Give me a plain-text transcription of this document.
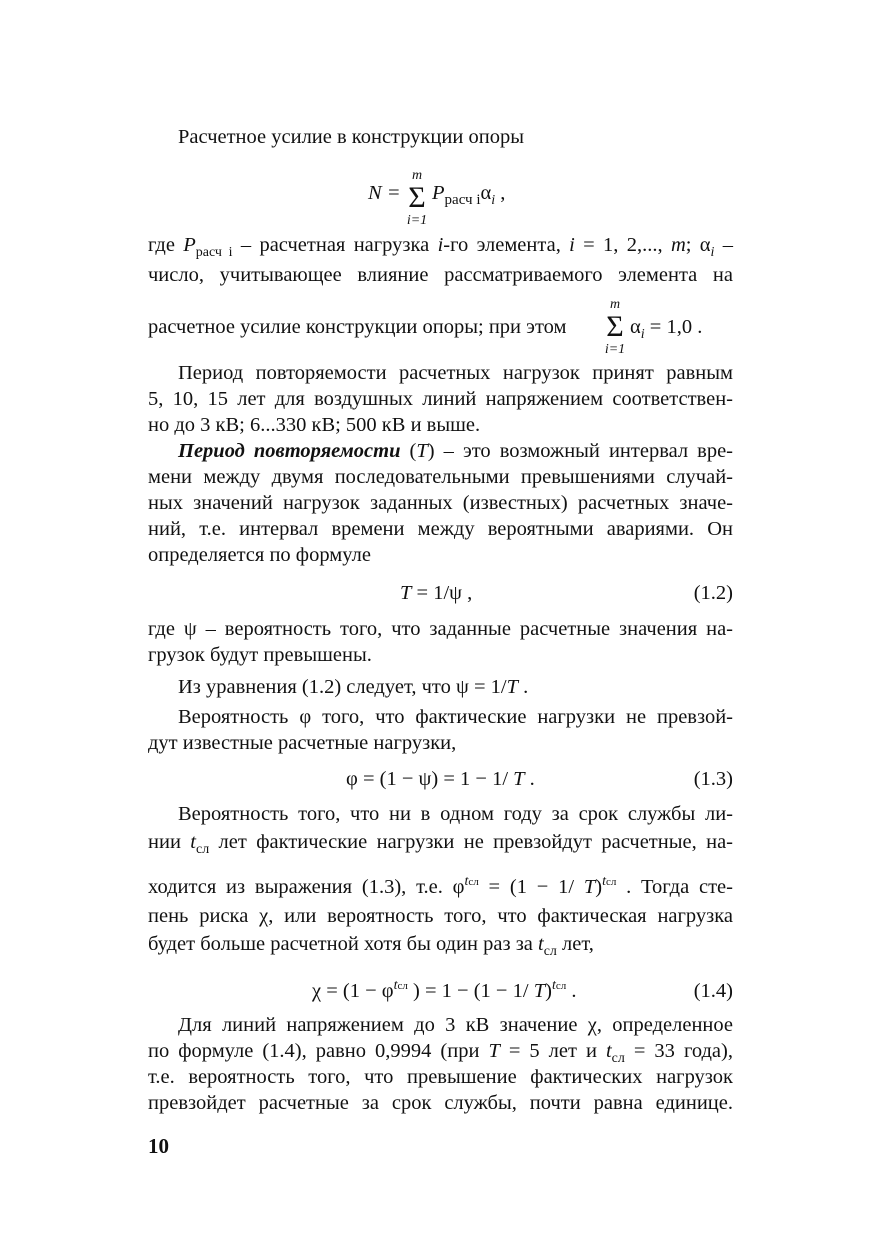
Расчетное усилие в конструкции опоры
N =
m
Σ
i=1
$P_{расч i}\alpha_i$ ,
где $P_{расч i}$ – расчетная нагрузка i-го элемента, i = 1, 2,..., m; $\alpha_i$ –
число, учитывающее влияние рассматриваемого элемента на
расчетное усилие конструкции опоры; при этом
m
Σ
i=1
$\alpha_i = 1,0$ .
Период повторяемости расчетных нагрузок принят равным
5, 10, 15 лет для воздушных линий напряжением соответствен-
но до 3 кВ; 6...330 кВ; 500 кВ и выше.
Период повторяемости (T) – это возможный интервал вре-
мени между двумя последовательными превышениями случай-
ных значений нагрузок заданных (известных) расчетных значе-
ний, т.е. интервал времени между вероятными авариями. Он
определяется по формуле
T = 1/ψ ,	(1.2)
где ψ – вероятность того, что заданные расчетные значения на-
грузок будут превышены.
Из уравнения (1.2) следует, что ψ = 1/T .
Вероятность φ того, что фактические нагрузки не превзой-
дут известные расчетные нагрузки,
φ = (1 − ψ) = 1 − 1/ T .	(1.3)
Вероятность того, что ни в одном году за срок службы ли-
нии $t_{сл}$ лет фактические нагрузки не превзойдут расчетные, на-
ходится из выражения (1.3), т.е. $\varphi^{tсл} = (1 - 1/$ T)$^{tсл}$ . Тогда сте-
пень риска χ, или вероятность того, что фактическая нагрузка
будет больше расчетной хотя бы один раз за $t_{сл}$ лет,
$\chi = (1 - \varphi^{tсл}$ ) = 1 − (1 − 1/ T)$^{tсл}$ .	(1.4)
Для линий напряжением до 3 кВ значение χ, определенное
по формуле (1.4), равно 0,9994 (при T = 5 лет и $t_{сл} = 33$ года),
т.е. вероятность того, что превышение фактических нагрузок
превзойдет расчетные за срок службы, почти равна единице.
10
